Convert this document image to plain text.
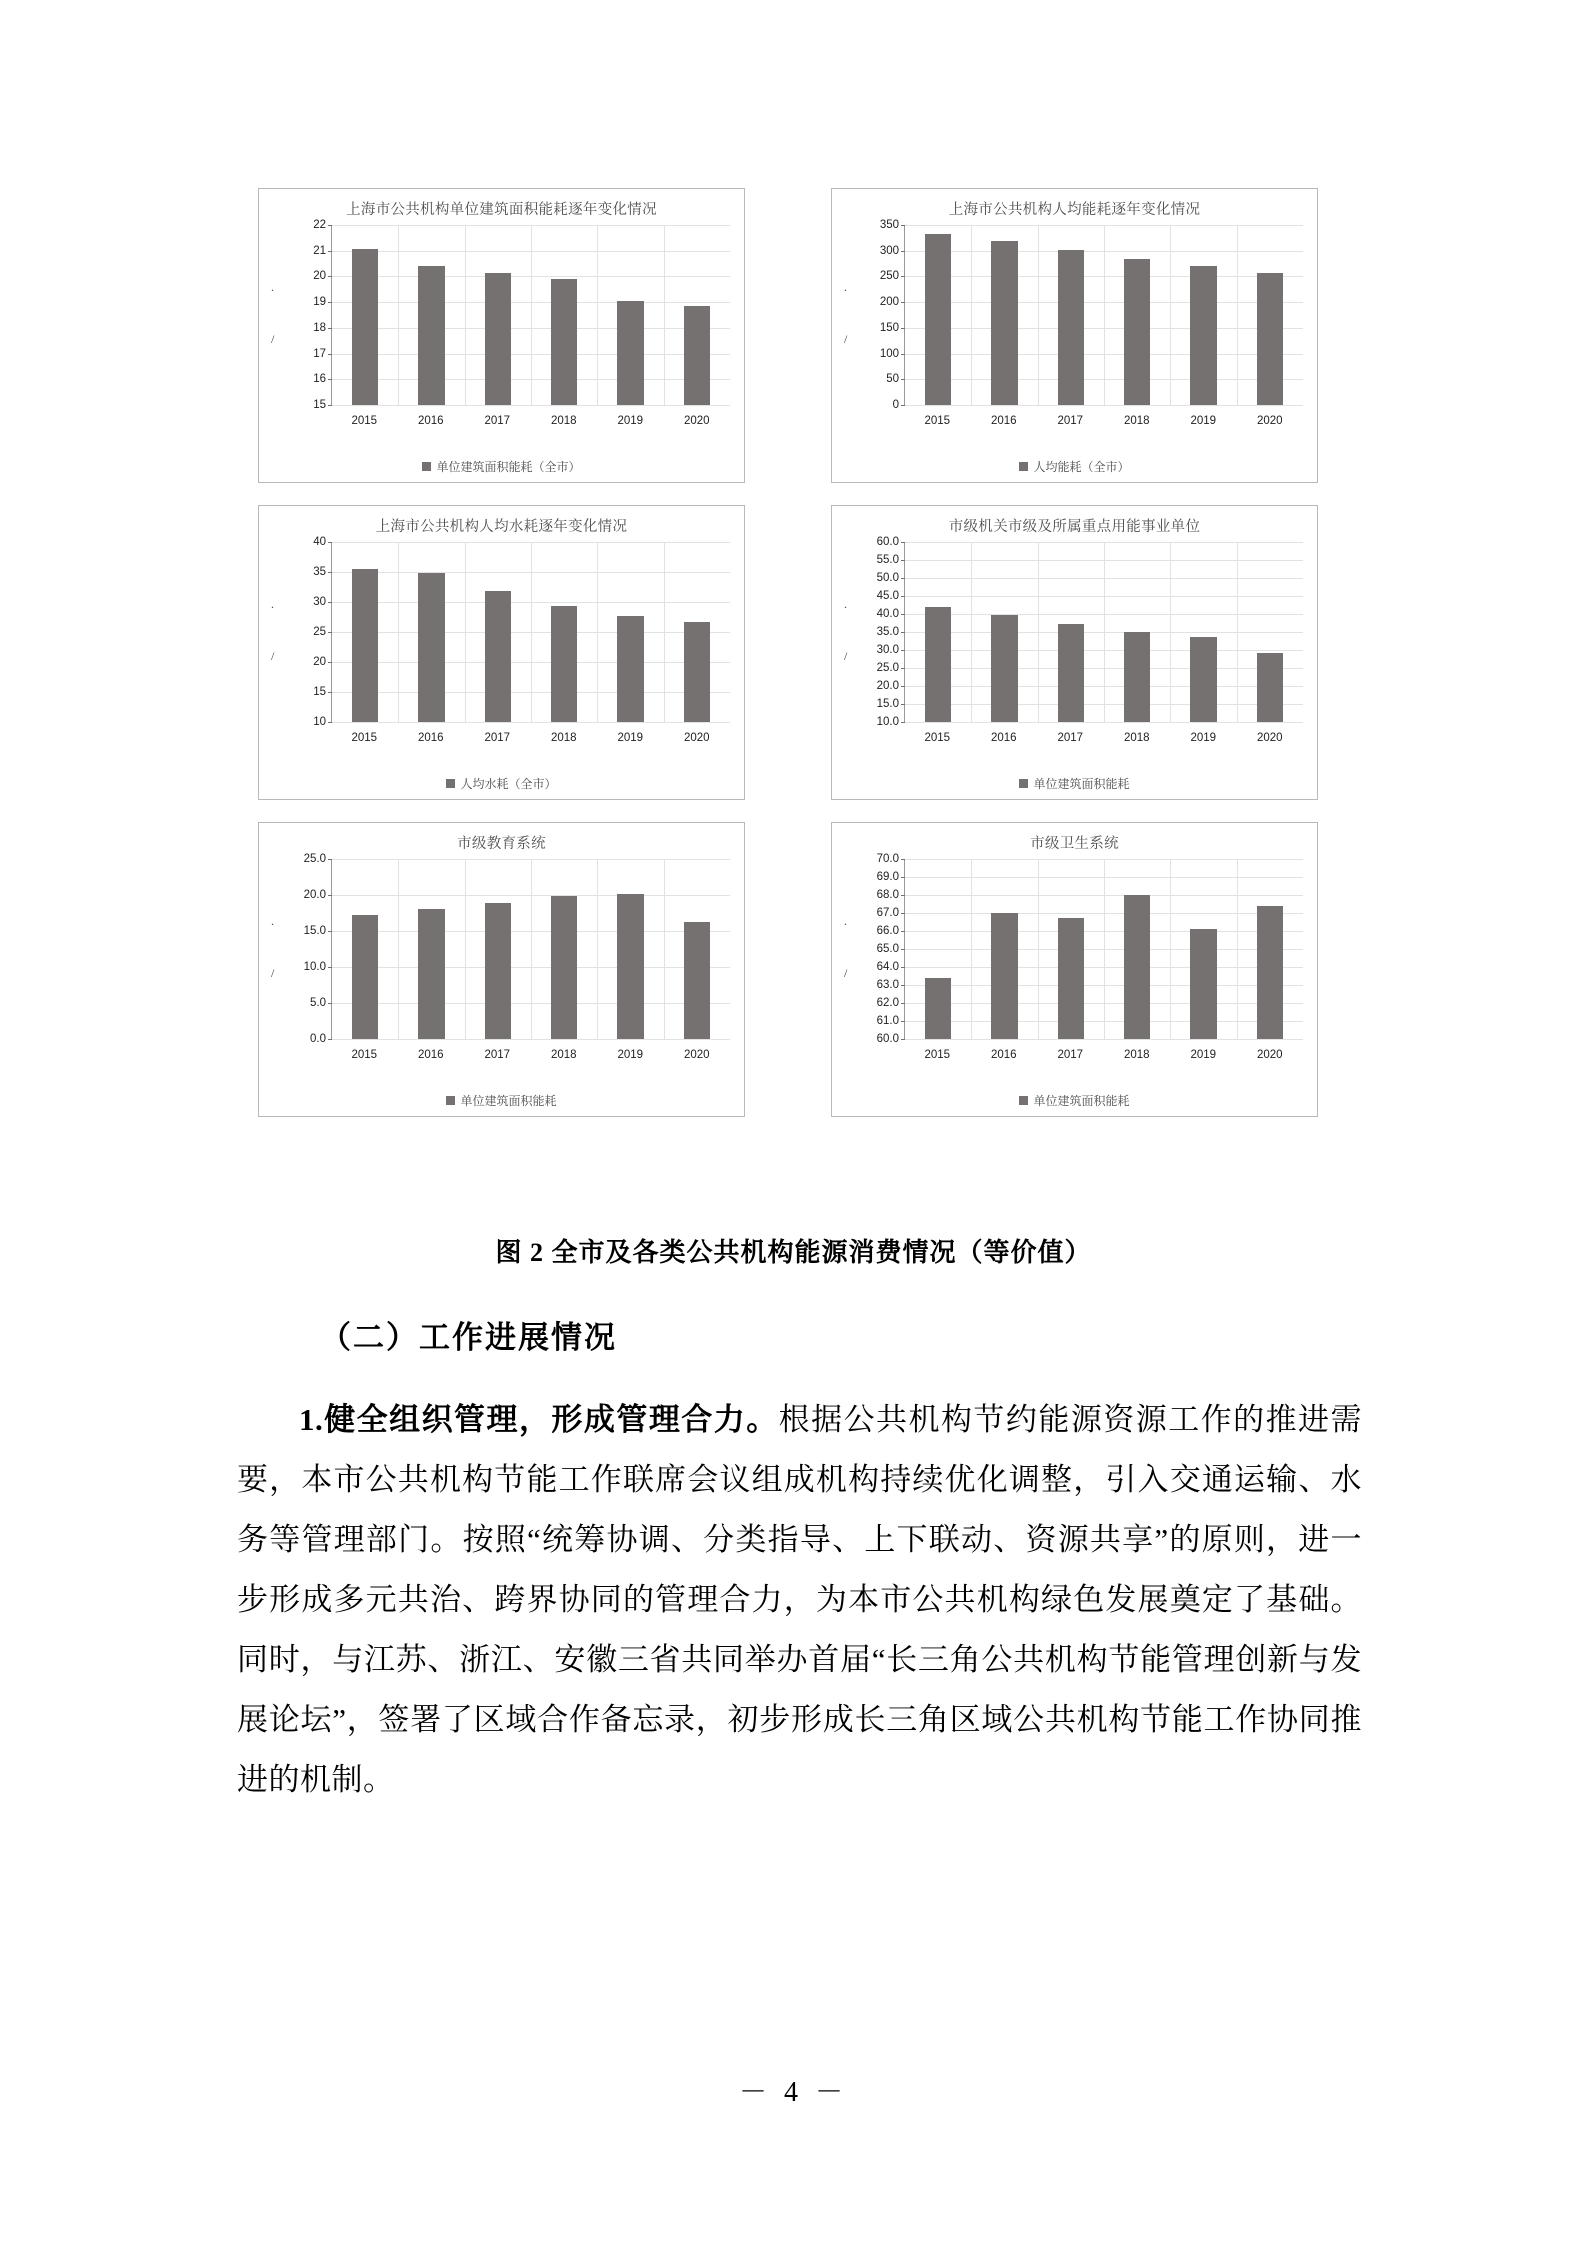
上海市公共机构单位建筑面积能耗逐年变化情况
.
/
22
21
20
19
18
17
16
15
2015	2016	2017	2018	2019	2020
单位建筑面积能耗（全市）
上海市公共机构人均能耗逐年变化情况
.
/
350
300
250
200
150
100
50
0
2015	2016	2017	2018	2019	2020
人均能耗（全市）
上海市公共机构人均水耗逐年变化情况
.
/
40
35
30
25
20
15
10
2015	2016	2017	2018	2019	2020
人均水耗（全市）
市级机关市级及所属重点用能事业单位
.
/
60.0
55.0
50.0
45.0
40.0
35.0
30.0
25.0
20.0
15.0
10.0
2015	2016	2017	2018	2019	2020
单位建筑面积能耗
市级教育系统
.
/
25.0
20.0
15.0
10.0
5.0
0.0
2015	2016	2017	2018	2019	2020
单位建筑面积能耗
市级卫生系统
.
/
70.0
69.0
68.0
67.0
66.0
65.0
64.0
63.0
62.0
61.0
60.0
2015	2016	2017	2018	2019	2020
单位建筑面积能耗
图 2 全市及各类公共机构能源消费情况（等价值）
（二）工作进展情况
1.健全组织管理，形成管理合力。根据公共机构节约能源资源工作的推进需要，本市公共机构节能工作联席会议组成机构持续优化调整，引入交通运输、水务等管理部门。按照“统筹协调、分类指导、上下联动、资源共享”的原则，进一步形成多元共治、跨界协同的管理合力，为本市公共机构绿色发展奠定了基础。同时，与江苏、浙江、安徽三省共同举办首届“长三角公共机构节能管理创新与发展论坛”，签署了区域合作备忘录，初步形成长三角区域公共机构节能工作协同推进的机制。
－ 4 －
